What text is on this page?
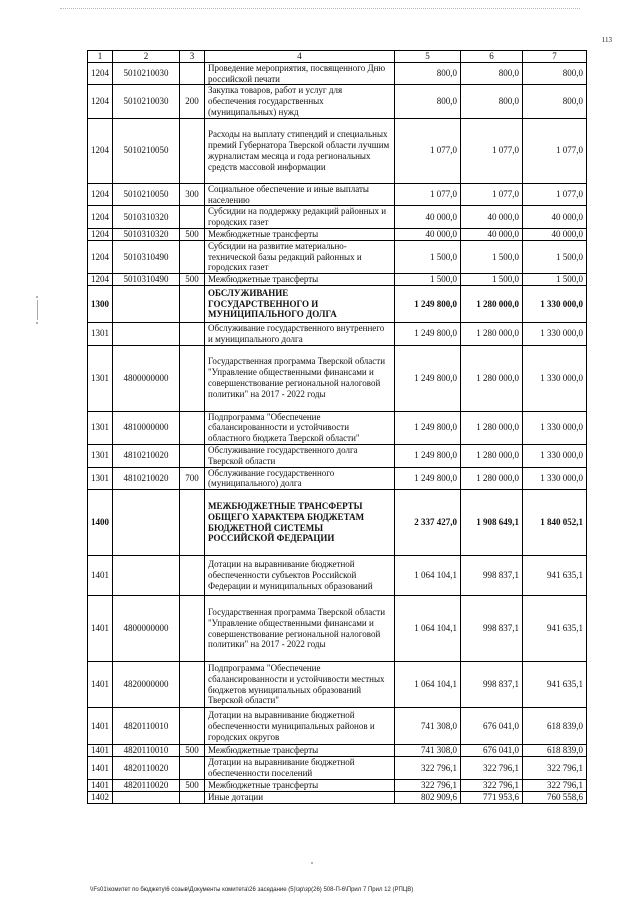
113
1	2	3	4	5	6	7
1204	5010210030		Проведение мероприятия, посвященного Дню российской печати	800,0	800,0	800,0
1204	5010210030	200	Закупка товаров, работ и услуг для обеспечения государственных (муниципальных) нужд	800,0	800,0	800,0
1204	5010210050		Расходы на выплату стипендий и специальных премий Губернатора Тверской области лучшим журналистам месяца и года региональных средств массовой информации	1 077,0	1 077,0	1 077,0
1204	5010210050	300	Социальное обеспечение и иные выплаты населению	1 077,0	1 077,0	1 077,0
1204	5010310320		Субсидии на поддержку редакций районных и городских газет	40 000,0	40 000,0	40 000,0
1204	5010310320	500	Межбюджетные трансферты	40 000,0	40 000,0	40 000,0
1204	5010310490		Субсидии на развитие материально-технической базы редакций районных и городских газет	1 500,0	1 500,0	1 500,0
1204	5010310490	500	Межбюджетные трансферты	1 500,0	1 500,0	1 500,0
1300			ОБСЛУЖИВАНИЕ ГОСУДАРСТВЕННОГО И МУНИЦИПАЛЬНОГО ДОЛГА	1 249 800,0	1 280 000,0	1 330 000,0
1301			Обслуживание государственного внутреннего и муниципального долга	1 249 800,0	1 280 000,0	1 330 000,0
1301	4800000000		Государственная программа Тверской области "Управление общественными финансами и совершенствование региональной налоговой политики" на 2017 - 2022 годы	1 249 800,0	1 280 000,0	1 330 000,0
1301	4810000000		Подпрограмма "Обеспечение сбалансированности и устойчивости областного бюджета Тверской области"	1 249 800,0	1 280 000,0	1 330 000,0
1301	4810210020		Обслуживание государственного долга Тверской области	1 249 800,0	1 280 000,0	1 330 000,0
1301	4810210020	700	Обслуживание государственного (муниципального) долга	1 249 800,0	1 280 000,0	1 330 000,0
1400			МЕЖБЮДЖЕТНЫЕ ТРАНСФЕРТЫ ОБЩЕГО ХАРАКТЕРА БЮДЖЕТАМ БЮДЖЕТНОЙ СИСТЕМЫ РОССИЙСКОЙ ФЕДЕРАЦИИ	2 337 427,0	1 908 649,1	1 840 052,1
1401			Дотации на выравнивание бюджетной обеспеченности субъектов Российской Федерации и муниципальных образований	1 064 104,1	998 837,1	941 635,1
1401	4800000000		Государственная программа Тверской области "Управление общественными финансами и совершенствование региональной налоговой политики" на 2017 - 2022 годы	1 064 104,1	998 837,1	941 635,1
1401	4820000000		Подпрограмма "Обеспечение сбалансированности и устойчивости местных бюджетов муниципальных образований Тверской области"	1 064 104,1	998 837,1	941 635,1
1401	4820110010		Дотации на выравнивание бюджетной обеспеченности муниципальных районов и городских округов	741 308,0	676 041,0	618 839,0
1401	4820110010	500	Межбюджетные трансферты	741 308,0	676 041,0	618 839,0
1401	4820110020		Дотации на выравнивание бюджетной обеспеченности поселений	322 796,1	322 796,1	322 796,1
1401	4820110020	500	Межбюджетные трансферты	322 796,1	322 796,1	322 796,1
1402			Иные дотации	802 909,6	771 953,6	760 558,6
\\Fs01\комитет по бюджету\6 созыв\Документы комитета\26 заседание (5)\зр\зр(26) 508-П-6\Прил 7 Прил 12 (РПЦВ)
